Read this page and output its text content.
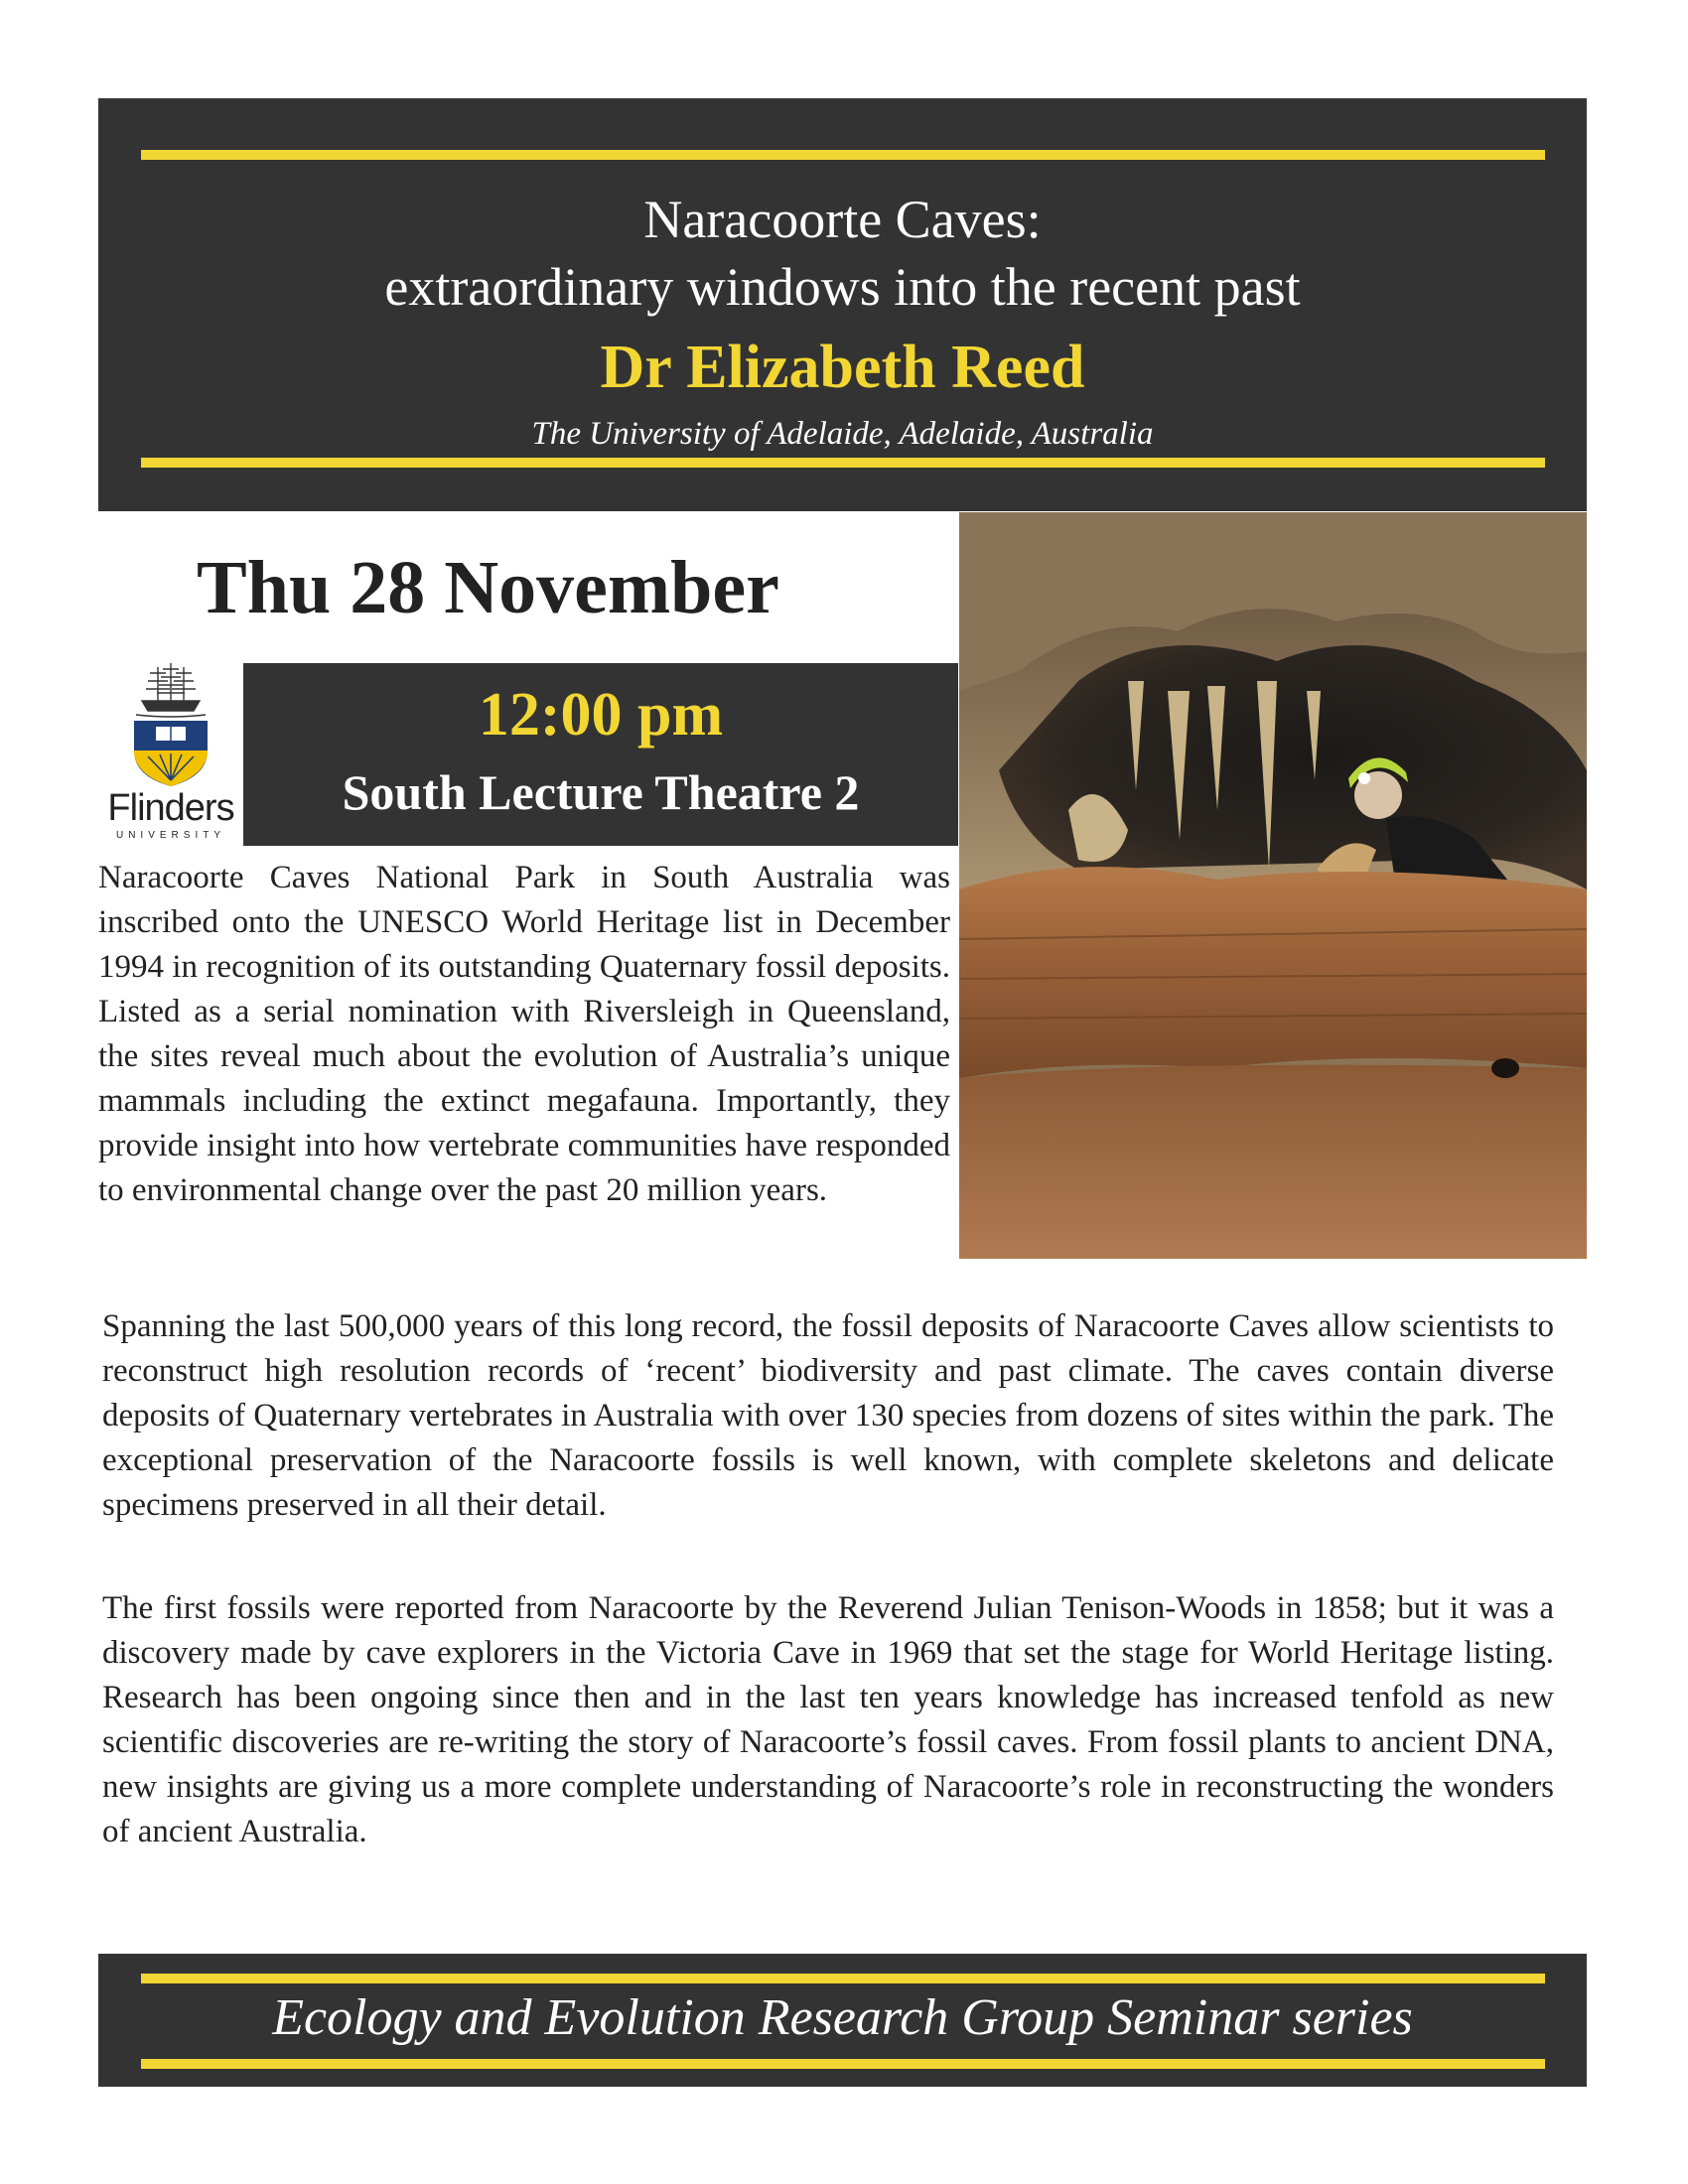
Naracoorte Caves:
extraordinary windows into the recent past
Dr Elizabeth Reed
The University of Adelaide, Adelaide, Australia
Thu 28 November
Flinders
UNIVERSITY
12:00 pm
South Lecture Theatre 2

Naracoorte Caves National Park in South Australia was inscribed onto the UNESCO World Heritage list in December 1994 in recognition of its outstanding Quaternary fossil deposits. Listed as a serial nomination with Riversleigh in Queensland, the sites reveal much about the evolution of Australia’s unique mammals including the extinct megafauna. Importantly, they provide insight into how vertebrate communities have responded to environmental change over the past 20 million years.

Spanning the last 500,000 years of this long record, the fossil deposits of Naracoorte Caves allow scientists to reconstruct high resolution records of ‘recent’ biodiversity and past climate. The caves contain diverse deposits of Quaternary vertebrates in Australia with over 130 species from dozens of sites within the park. The exceptional preservation of the Naracoorte fossils is well known, with complete skeletons and delicate specimens preserved in all their detail.

The first fossils were reported from Naracoorte by the Reverend Julian Tenison-Woods in 1858; but it was a discovery made by cave explorers in the Victoria Cave in 1969 that set the stage for World Heritage listing. Research has been ongoing since then and in the last ten years knowledge has increased tenfold as new scientific discoveries are re-writing the story of Naracoorte’s fossil caves. From fossil plants to ancient DNA, new insights are giving us a more complete understanding of Naracoorte’s role in reconstructing the wonders of ancient Australia.

Ecology and Evolution Research Group Seminar series
